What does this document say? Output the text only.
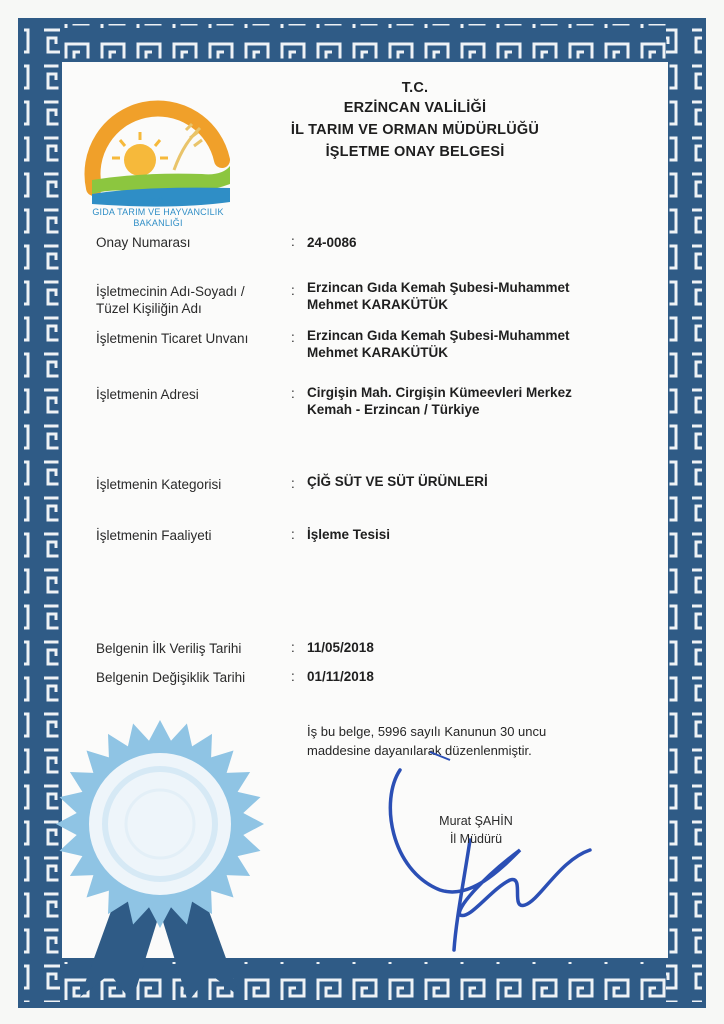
T.C.
GIDA TARIM VE HAYVANCILIK
BAKANLIĞI
T.C.
ERZİNCAN VALİLİĞİ
İL TARIM VE ORMAN MÜDÜRLÜĞÜ
İŞLETME ONAY BELGESİ
Onay Numarası	: 24-0086
İşletmecinin Adı-Soyadı /
Tüzel Kişiliğin Adı
: Erzincan Gıda Kemah Şubesi-Muhammet
Mehmet KARAKÜTÜK
İşletmenin Ticaret Unvanı	: Erzincan Gıda Kemah Şubesi-Muhammet
Mehmet KARAKÜTÜK
İşletmenin Adresi	: Cirgişin Mah. Cirgişin Kümeevleri Merkez
Kemah - Erzincan / Türkiye
İşletmenin Kategorisi	: ÇİĞ SÜT VE SÜT ÜRÜNLERİ
İşletmenin Faaliyeti	: İşleme Tesisi
Belgenin İlk Veriliş Tarihi	: 11/05/2018
Belgenin Değişiklik Tarihi	: 01/11/2018
İş bu belge, 5996 sayılı Kanunun 30 uncu
maddesine dayanılarak düzenlenmiştir.
Murat ŞAHİN
İl Müdürü
